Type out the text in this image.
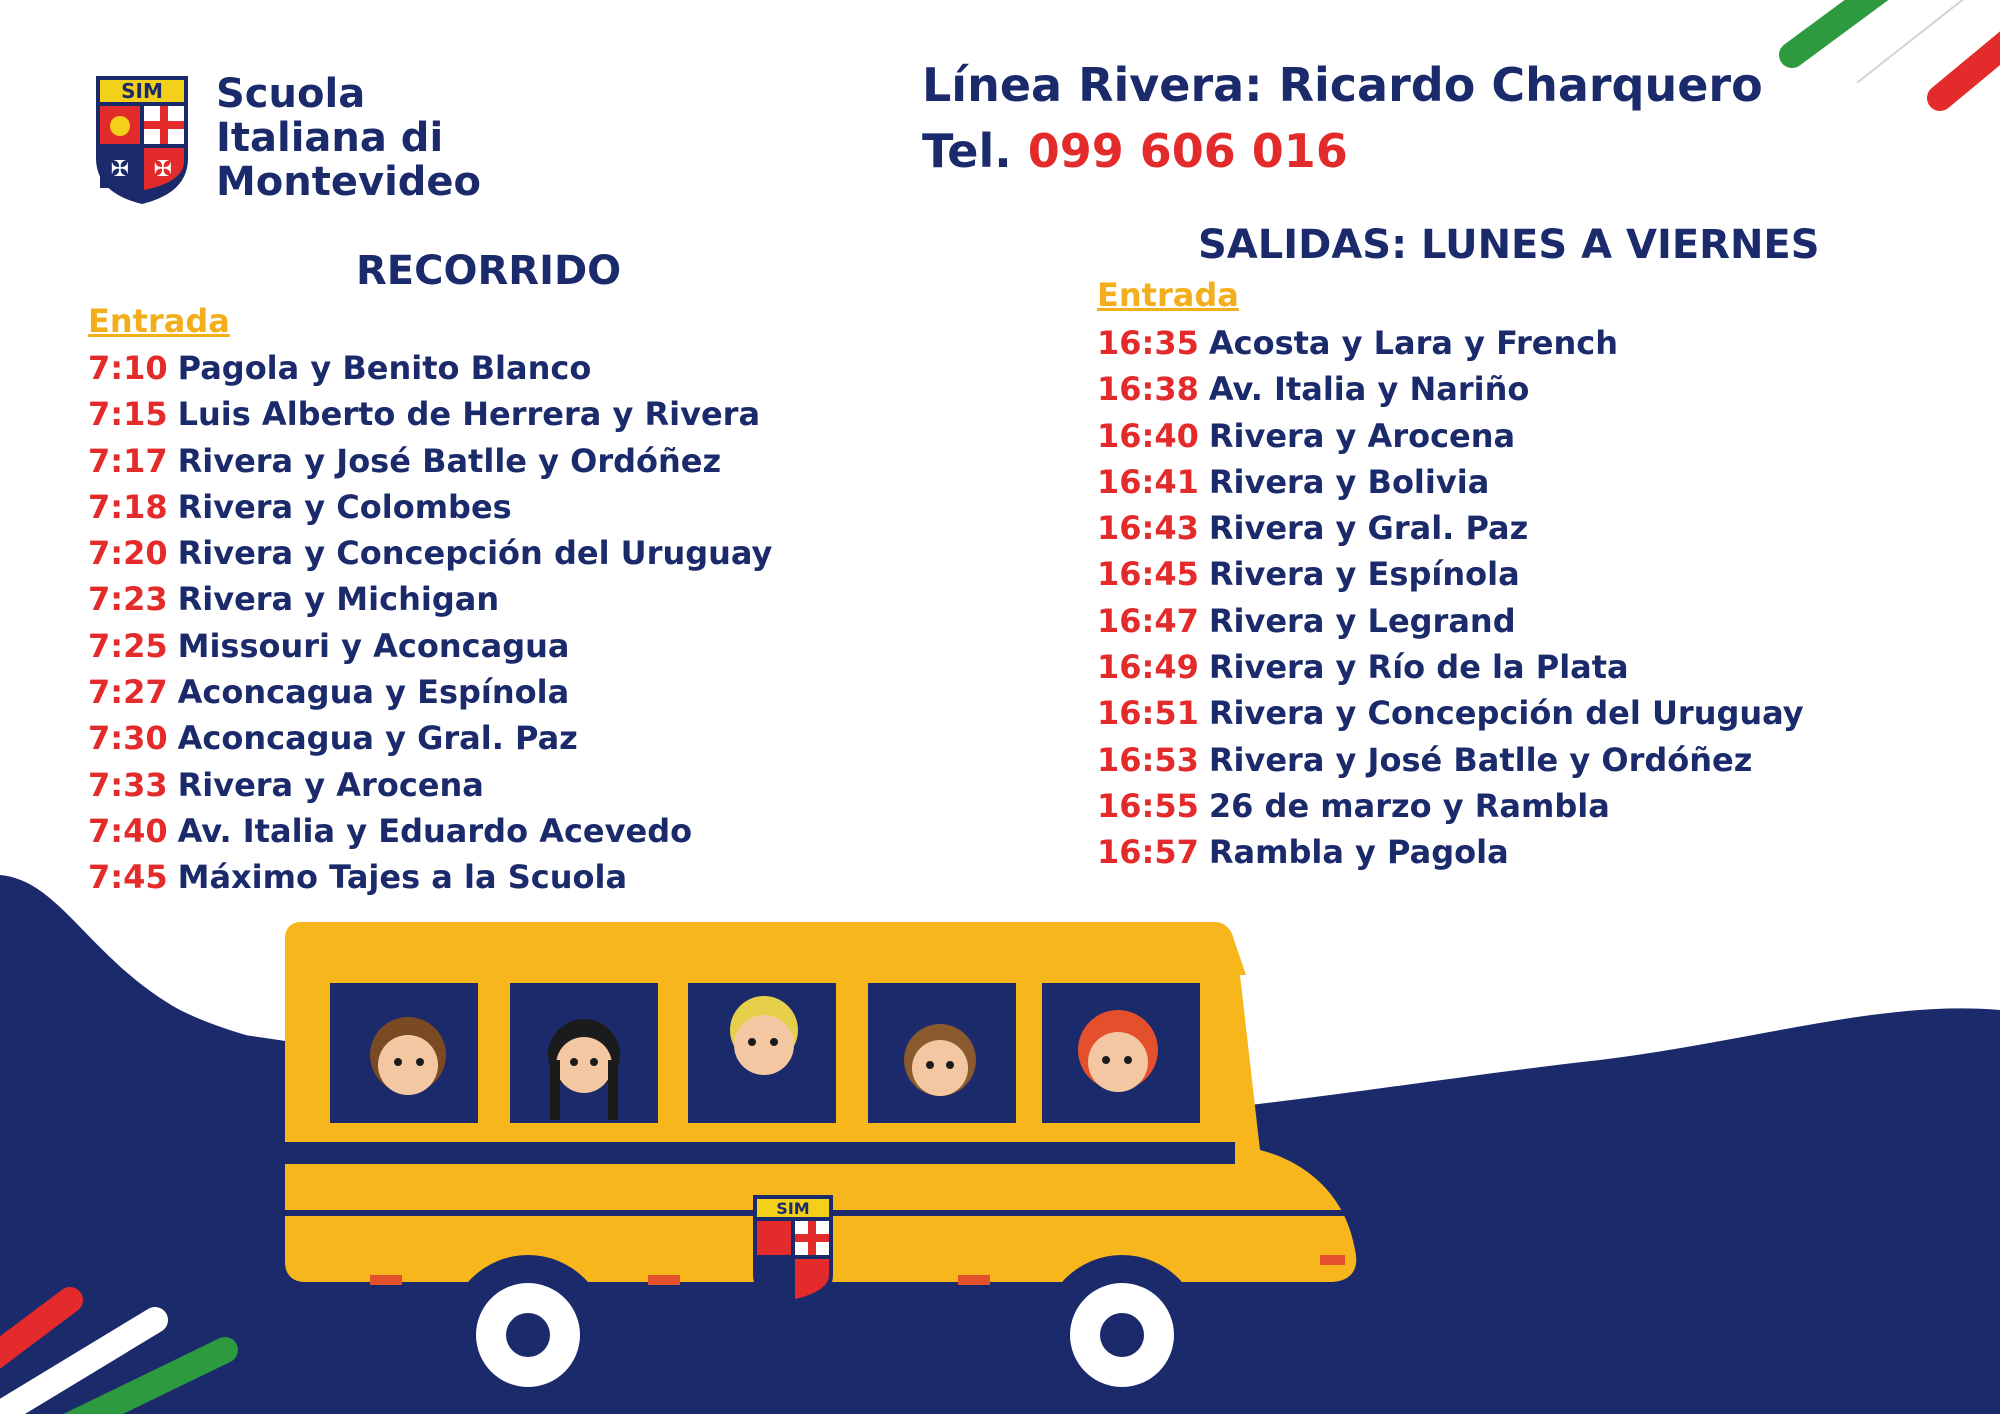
SIM
✠ ✠
SIM
Scuola
Italiana di
Montevideo
Línea Rivera: Ricardo Charquero
Tel. 099 606 016
RECORRIDO
Entrada
7:10 Pagola y Benito Blanco
7:15 Luis Alberto de Herrera y Rivera
7:17 Rivera y José Batlle y Ordóñez
7:18 Rivera y Colombes
7:20 Rivera y Concepción del Uruguay
7:23 Rivera y Michigan
7:25 Missouri y Aconcagua
7:27 Aconcagua y Espínola
7:30 Aconcagua y Gral. Paz
7:33 Rivera y Arocena
7:40 Av. Italia y Eduardo Acevedo
7:45 Máximo Tajes a la Scuola
SALIDAS: LUNES A VIERNES
Entrada
16:35 Acosta y Lara y French
16:38 Av. Italia y Nariño
16:40 Rivera y Arocena
16:41 Rivera y Bolivia
16:43 Rivera y Gral. Paz
16:45 Rivera y Espínola
16:47 Rivera y Legrand
16:49 Rivera y Río de la Plata
16:51 Rivera y Concepción del Uruguay
16:53 Rivera y José Batlle y Ordóñez
16:55 26 de marzo y Rambla
16:57 Rambla y Pagola
